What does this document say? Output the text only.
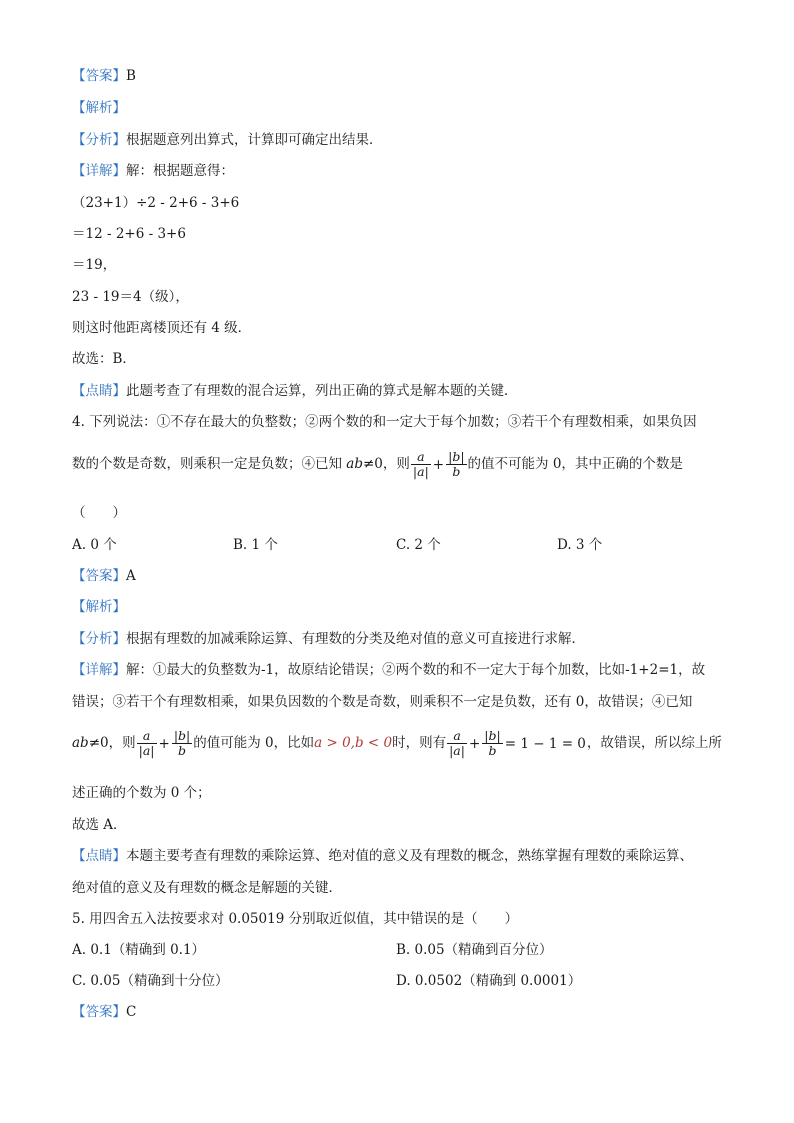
【答案】B
【解析】
【分析】根据题意列出算式，计算即可确定出结果．
【详解】解：根据题意得：
（23+1）÷2 - 2+6 - 3+6
＝12 - 2+6 - 3+6
＝19，
23 - 19＝4（级），
则这时他距离楼顶还有 4 级．
故选：B．
【点睛】此题考查了有理数的混合运算，列出正确的算式是解本题的关键．
4. 下列说法：①不存在最大的负整数；②两个数的和一定大于每个加数；③若干个有理数相乘，如果负因
数的个数是奇数，则乘积一定是负数；④已知 ab≠0，则 $\frac{a}{|a|} + \frac{|b|}{b}$ 的值不可能为 0，其中正确的个数是
（　　）
A. 0 个	B. 1 个	C. 2 个	D. 3 个
【答案】A
【解析】
【分析】根据有理数的加减乘除运算、有理数的分类及绝对值的意义可直接进行求解．
【详解】解：①最大的负整数为-1，故原结论错误；②两个数的和不一定大于每个加数，比如-1+2=1，故
错误；③若干个有理数相乘，如果负因数的个数是奇数，则乘积不一定是负数，还有 0，故错误；④已知
ab≠0，则 $\frac{a}{|a|} + \frac{|b|}{b}$ 的值可能为 0，比如a > 0,b < 0时，则有 $\frac{a}{|a|} + \frac{|b|}{b} = 1 - 1 = 0$，故错误，所以综上所
述正确的个数为 0 个；
故选 A．
【点睛】本题主要考查有理数的乘除运算、绝对值的意义及有理数的概念，熟练掌握有理数的乘除运算、
绝对值的意义及有理数的概念是解题的关键．
5. 用四舍五入法按要求对 0.05019 分别取近似值，其中错误的是（　　）
A. 0.1（精确到 0.1）	B. 0.05（精确到百分位）
C. 0.05（精确到十分位）	D. 0.0502（精确到 0.0001）
【答案】C
